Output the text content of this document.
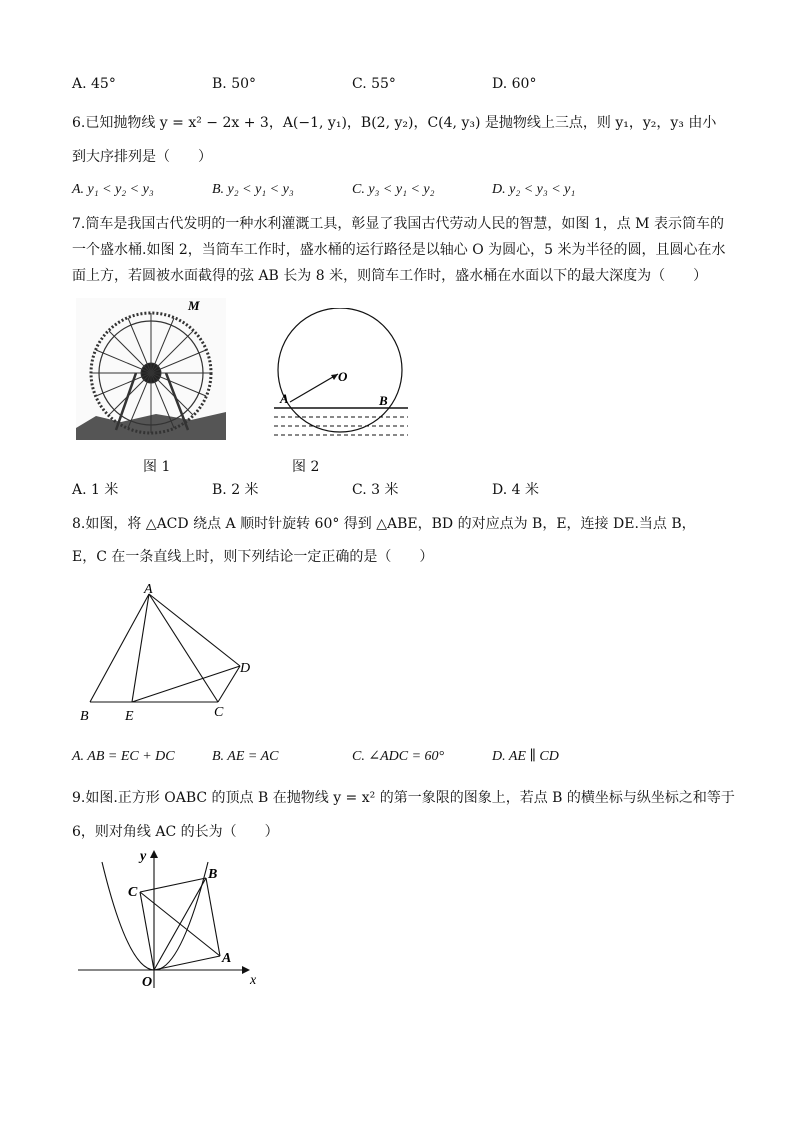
A. 45°	B. 50°	C. 55°	D. 60°
6.已知抛物线 y = x² − 2x + 3，A(−1, y₁)，B(2, y₂)，C(4, y₃) 是抛物线上三点，则 y₁，y₂，y₃ 由小
到大序排列是（　　）
A. y₁ < y₂ < y₃	B. y₂ < y₁ < y₃	C. y₃ < y₁ < y₂	D. y₂ < y₃ < y₁
7.筒车是我国古代发明的一种水利灌溉工具，彰显了我国古代劳动人民的智慧，如图 1，点 M 表示筒车的
一个盛水桶.如图 2，当筒车工作时，盛水桶的运行路径是以轴心 O 为圆心，5 米为半径的圆，且圆心在水
面上方，若圆被水面截得的弦 AB 长为 8 米，则筒车工作时，盛水桶在水面以下的最大深度为（　　）
M
图 1
A
O
B
图 2
A. 1 米	B. 2 米	C. 3 米	D. 4 米
8.如图，将 △ACD 绕点 A 顺时针旋转 60° 得到 △ABE，BD 的对应点为 B，E，连接 DE.当点 B，
E，C 在一条直线上时，则下列结论一定正确的是（　　）
A
B	E	C
D
A. AB = EC + DC	B. AE = AC	C. ∠ADC = 60°	D. AE ∥ CD
9.如图.正方形 OABC 的顶点 B 在抛物线 y = x² 的第一象限的图象上，若点 B 的横坐标与纵坐标之和等于
6，则对角线 AC 的长为（　　）
y
x
O
A
B
C
